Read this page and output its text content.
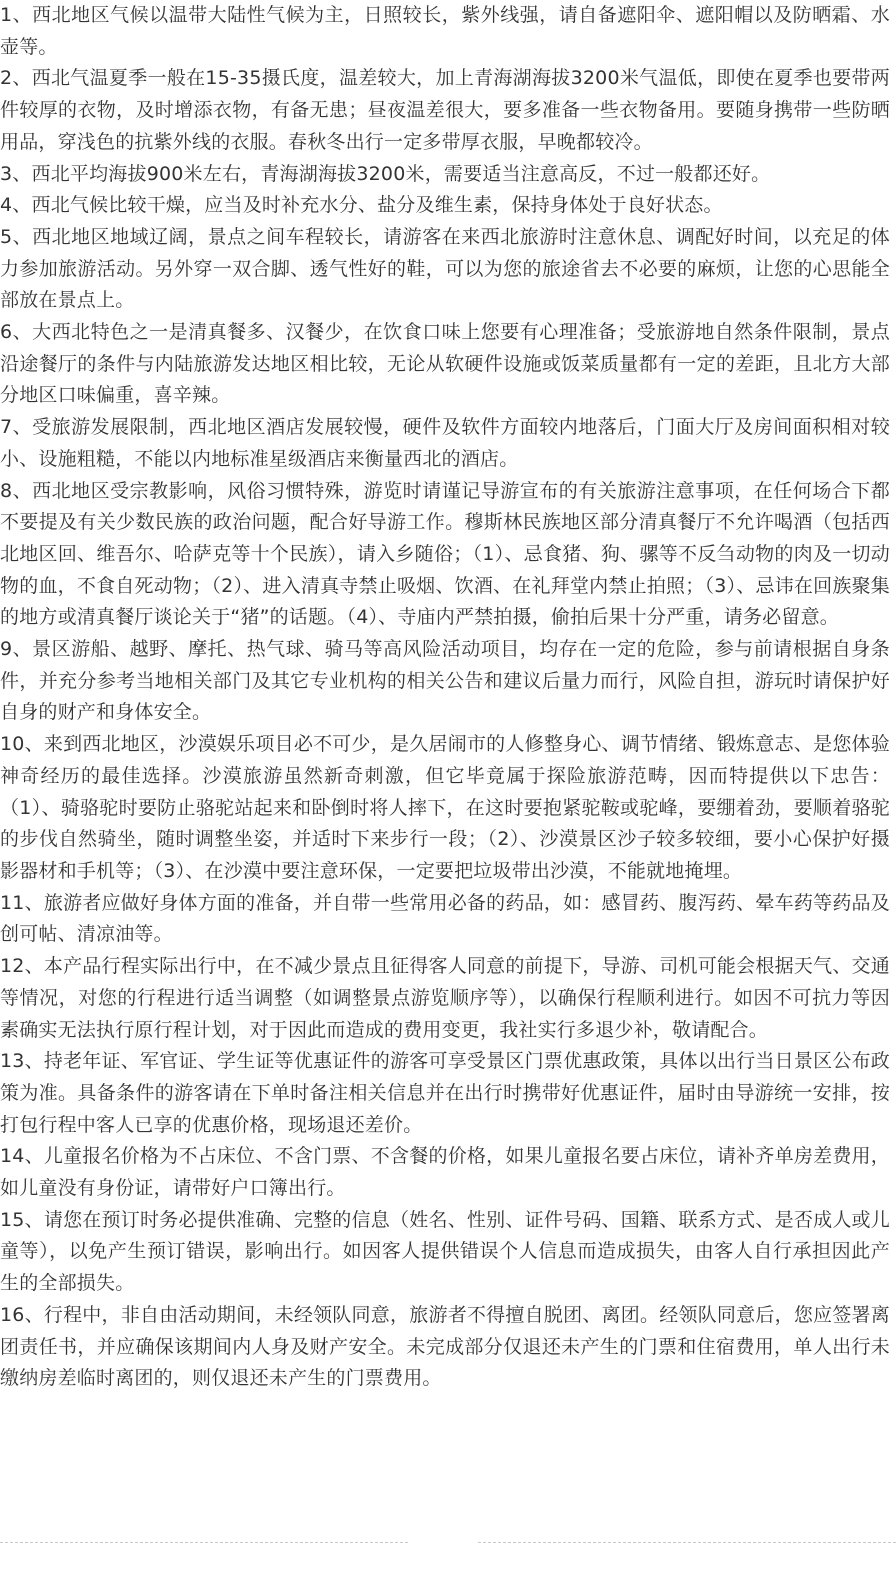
1、西北地区气候以温带大陆性气候为主，日照较长，紫外线强，请自备遮阳伞、遮阳帽以及防晒霜、水壶等。

2、西北气温夏季一般在15-35摄氏度，温差较大，加上青海湖海拔3200米气温低，即使在夏季也要带两件较厚的衣物，及时增添衣物，有备无患；昼夜温差很大，要多准备一些衣物备用。要随身携带一些防晒用品，穿浅色的抗紫外线的衣服。春秋冬出行一定多带厚衣服，早晚都较冷。

3、西北平均海拔900米左右，青海湖海拔3200米，需要适当注意高反，不过一般都还好。

4、西北气候比较干燥，应当及时补充水分、盐分及维生素，保持身体处于良好状态。

5、西北地区地域辽阔，景点之间车程较长，请游客在来西北旅游时注意休息、调配好时间，以充足的体力参加旅游活动。另外穿一双合脚、透气性好的鞋，可以为您的旅途省去不必要的麻烦，让您的心思能全部放在景点上。

6、大西北特色之一是清真餐多、汉餐少，在饮食口味上您要有心理准备；受旅游地自然条件限制，景点沿途餐厅的条件与内陆旅游发达地区相比较，无论从软硬件设施或饭菜质量都有一定的差距，且北方大部分地区口味偏重，喜辛辣。

7、受旅游发展限制，西北地区酒店发展较慢，硬件及软件方面较内地落后，门面大厅及房间面积相对较小、设施粗糙，不能以内地标准星级酒店来衡量西北的酒店。

8、西北地区受宗教影响，风俗习惯特殊，游览时请谨记导游宣布的有关旅游注意事项，在任何场合下都不要提及有关少数民族的政治问题，配合好导游工作。穆斯林民族地区部分清真餐厅不允许喝酒（包括西北地区回、维吾尔、哈萨克等十个民族），请入乡随俗；（1）、忌食猪、狗、骡等不反刍动物的肉及一切动物的血，不食自死动物；（2）、进入清真寺禁止吸烟、饮酒、在礼拜堂内禁止拍照；（3）、忌讳在回族聚集的地方或清真餐厅谈论关于“猪”的话题。（4）、寺庙内严禁拍摄，偷拍后果十分严重，请务必留意。

9、景区游船、越野、摩托、热气球、骑马等高风险活动项目，均存在一定的危险，参与前请根据自身条件，并充分参考当地相关部门及其它专业机构的相关公告和建议后量力而行，风险自担，游玩时请保护好自身的财产和身体安全。

10、来到西北地区，沙漠娱乐项目必不可少，是久居闹市的人修整身心、调节情绪、锻炼意志、是您体验神奇经历的最佳选择。沙漠旅游虽然新奇刺激，但它毕竟属于探险旅游范畴，因而特提供以下忠告：（1）、骑骆驼时要防止骆驼站起来和卧倒时将人摔下，在这时要抱紧驼鞍或驼峰，要绷着劲，要顺着骆驼的步伐自然骑坐，随时调整坐姿，并适时下来步行一段；（2）、沙漠景区沙子较多较细，要小心保护好摄影器材和手机等；（3）、在沙漠中要注意环保，一定要把垃圾带出沙漠，不能就地掩埋。

11、旅游者应做好身体方面的准备，并自带一些常用必备的药品，如：感冒药、腹泻药、晕车药等药品及创可帖、清凉油等。

12、本产品行程实际出行中，在不减少景点且征得客人同意的前提下，导游、司机可能会根据天气、交通等情况，对您的行程进行适当调整（如调整景点游览顺序等），以确保行程顺利进行。如因不可抗力等因素确实无法执行原行程计划，对于因此而造成的费用变更，我社实行多退少补，敬请配合。

13、持老年证、军官证、学生证等优惠证件的游客可享受景区门票优惠政策，具体以出行当日景区公布政策为准。具备条件的游客请在下单时备注相关信息并在出行时携带好优惠证件，届时由导游统一安排，按打包行程中客人已享的优惠价格，现场退还差价。

14、儿童报名价格为不占床位、不含门票、不含餐的价格，如果儿童报名要占床位，请补齐单房差费用，如儿童没有身份证，请带好户口簿出行。

15、请您在预订时务必提供准确、完整的信息（姓名、性别、证件号码、国籍、联系方式、是否成人或儿童等），以免产生预订错误，影响出行。如因客人提供错误个人信息而造成损失，由客人自行承担因此产生的全部损失。

16、行程中，非自由活动期间，未经领队同意，旅游者不得擅自脱团、离团。经领队同意后，您应签署离团责任书，并应确保该期间内人身及财产安全。未完成部分仅退还未产生的门票和住宿费用，单人出行未缴纳房差临时离团的，则仅退还未产生的门票费用。
